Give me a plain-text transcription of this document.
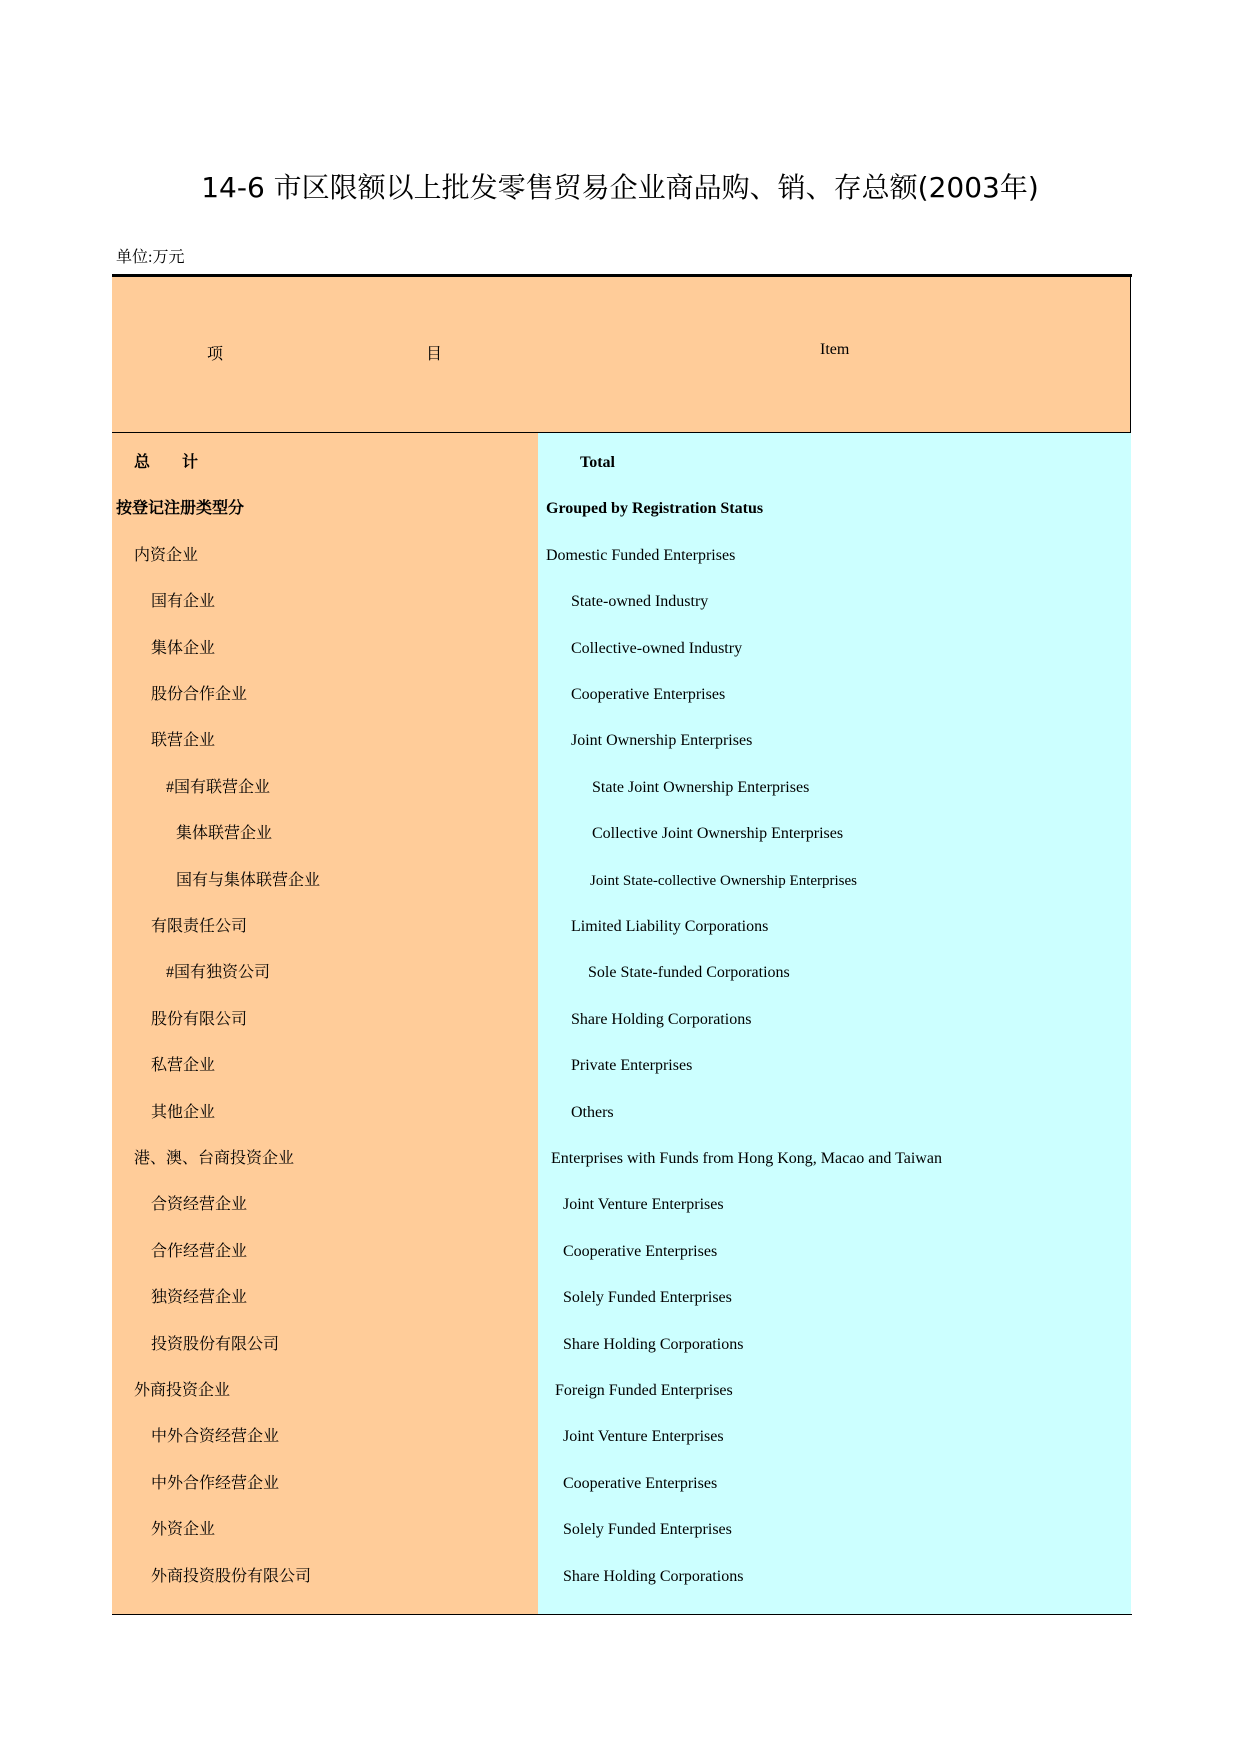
14-6 市区限额以上批发零售贸易企业商品购、销、存总额(2003年)
单位:万元
项	目	Item
总　　计	Total
按登记注册类型分	Grouped by Registration Status
内资企业	Domestic Funded Enterprises
国有企业	State-owned Industry
集体企业	Collective-owned Industry
股份合作企业	Cooperative Enterprises
联营企业	Joint Ownership Enterprises
#国有联营企业	State Joint Ownership Enterprises
集体联营企业	Collective Joint Ownership Enterprises
国有与集体联营企业	Joint State-collective Ownership Enterprises
有限责任公司	Limited Liability Corporations
#国有独资公司	Sole State-funded Corporations
股份有限公司	Share Holding Corporations
私营企业	Private Enterprises
其他企业	Others
港、澳、台商投资企业	Enterprises with Funds from Hong Kong, Macao and Taiwan
合资经营企业	Joint Venture Enterprises
合作经营企业	Cooperative Enterprises
独资经营企业	Solely Funded Enterprises
投资股份有限公司	Share Holding Corporations
外商投资企业	Foreign Funded Enterprises
中外合资经营企业	Joint Venture Enterprises
中外合作经营企业	Cooperative Enterprises
外资企业	Solely Funded Enterprises
外商投资股份有限公司	Share Holding Corporations
